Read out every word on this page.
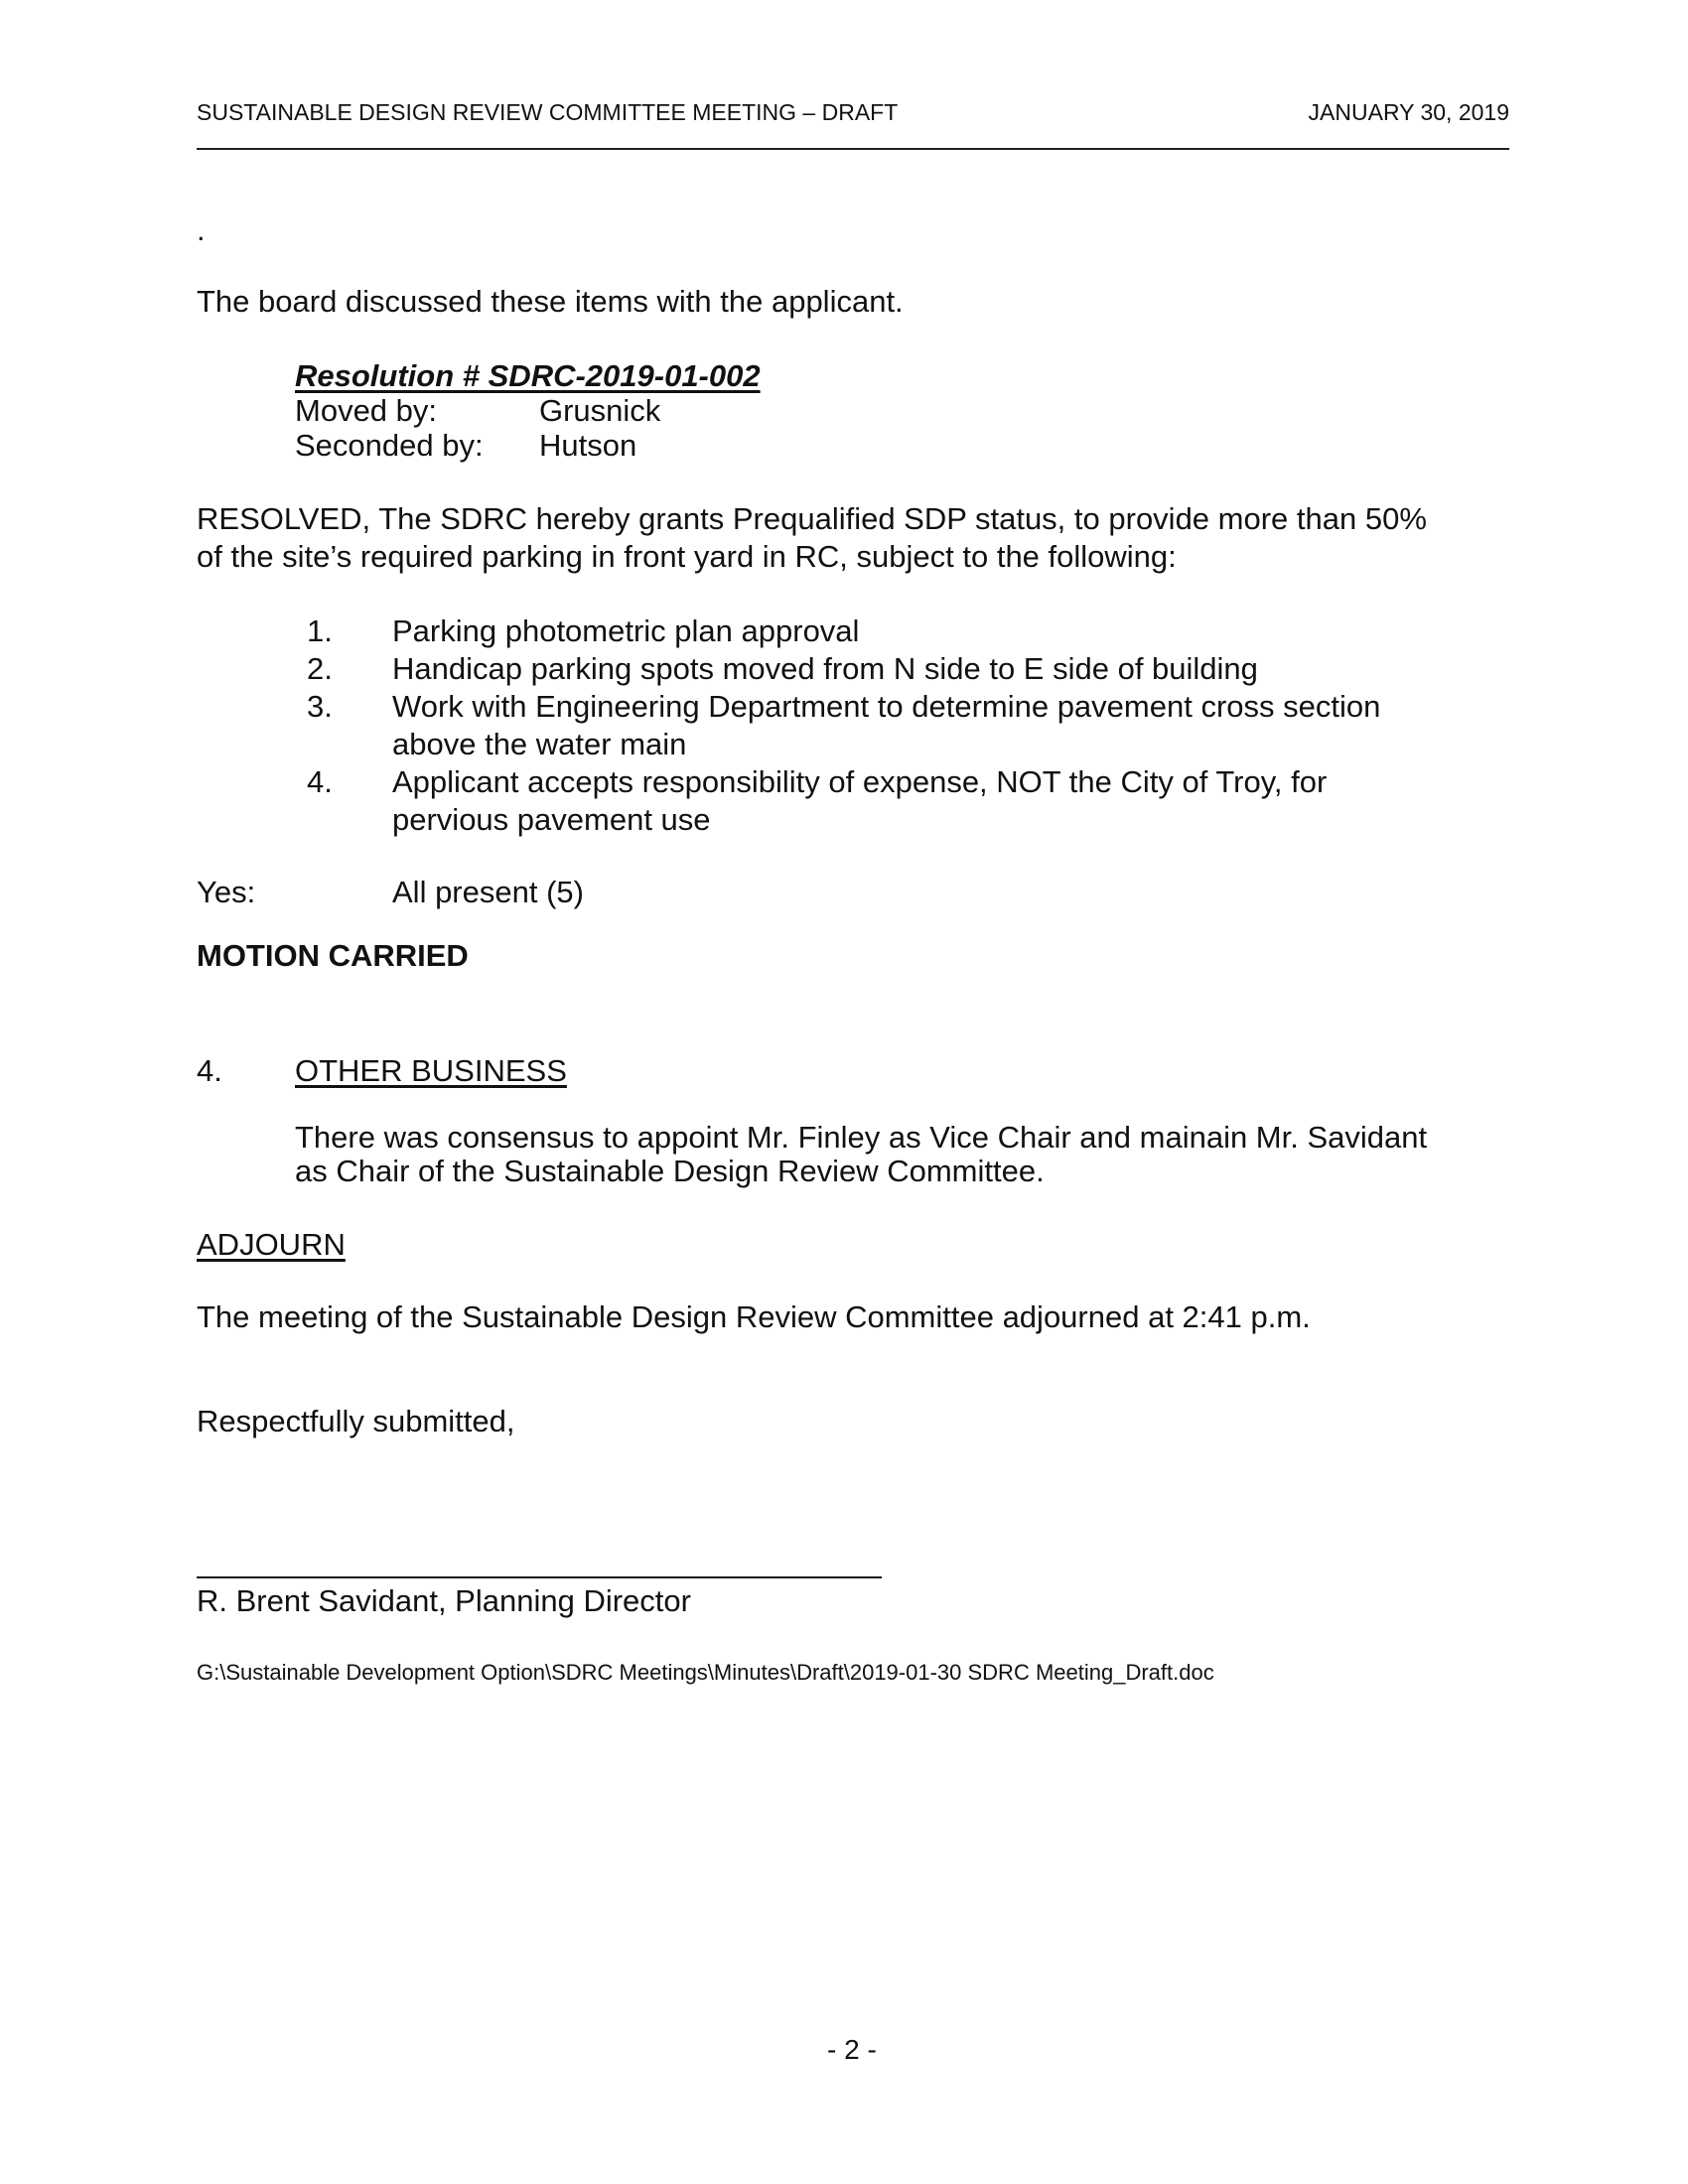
SUSTAINABLE DESIGN REVIEW COMMITTEE MEETING – DRAFT	JANUARY 30, 2019
.
The board discussed these items with the applicant.
Resolution # SDRC-2019-01-002
Moved by:	Grusnick
Seconded by: Hutson
RESOLVED, The SDRC hereby grants Prequalified SDP status, to provide more than 50%
of the site’s required parking in front yard in RC, subject to the following:
1. Parking photometric plan approval
2. Handicap parking spots moved from N side to E side of building
3. Work with Engineering Department to determine pavement cross section
above the water main
4. Applicant accepts responsibility of expense, NOT the City of Troy, for
pervious pavement use
Yes:	All present (5)
MOTION CARRIED
4. OTHER BUSINESS
There was consensus to appoint Mr. Finley as Vice Chair and mainain Mr. Savidant
as Chair of the Sustainable Design Review Committee.
ADJOURN
The meeting of the Sustainable Design Review Committee adjourned at 2:41 p.m.
Respectfully submitted,
R. Brent Savidant, Planning Director
G:\Sustainable Development Option\SDRC Meetings\Minutes\Draft\2019-01-30 SDRC Meeting_Draft.doc
- 2 -
